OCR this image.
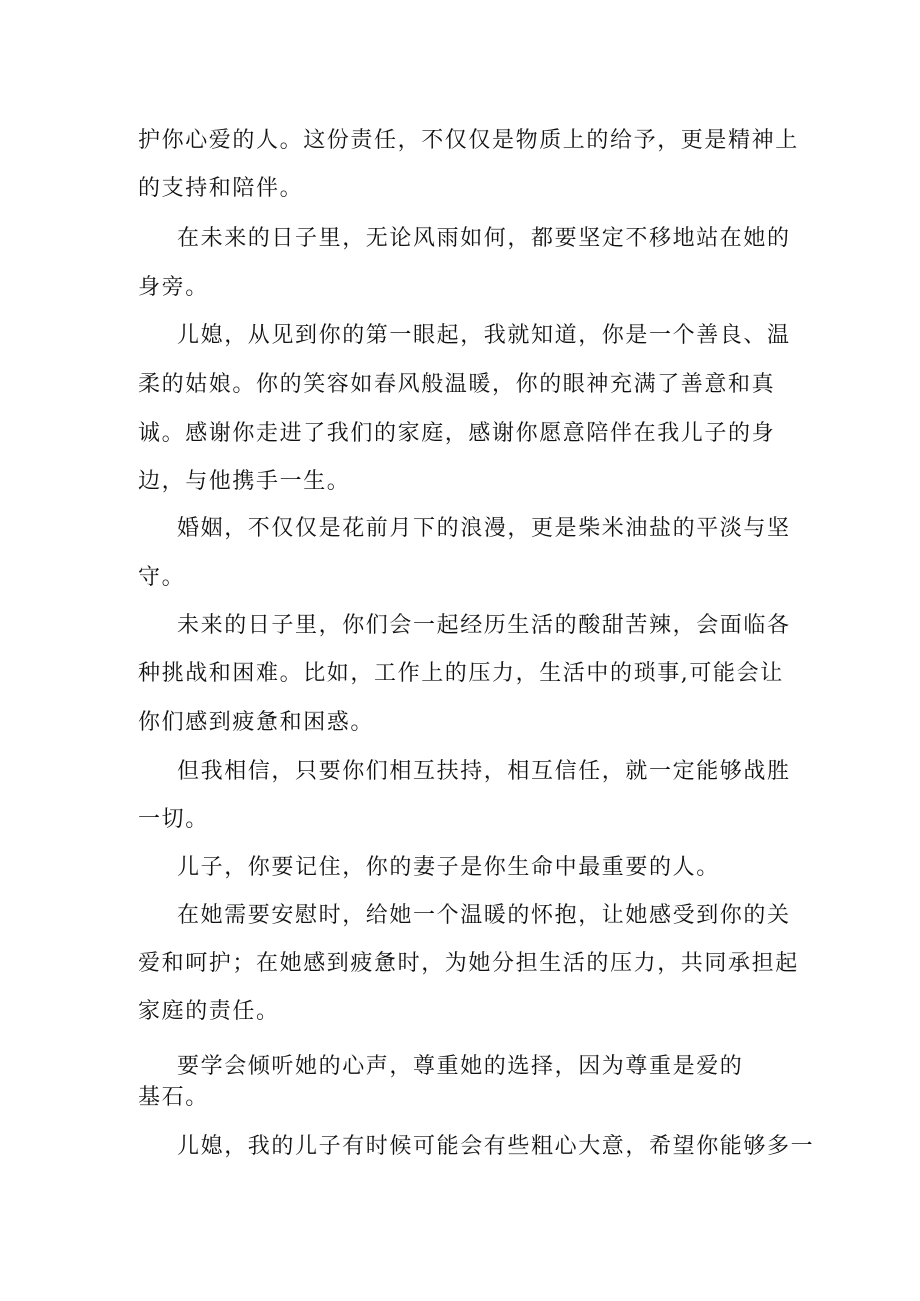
护你心爱的人。这份责任，不仅仅是物质上的给予，更是精神上
的支持和陪伴。
在未来的日子里，无论风雨如何，都要坚定不移地站在她的
身旁。
儿媳，从见到你的第一眼起，我就知道，你是一个善良、温
柔的姑娘。你的笑容如春风般温暖，你的眼神充满了善意和真
诚。感谢你走进了我们的家庭，感谢你愿意陪伴在我儿子的身
边，与他携手一生。
婚姻，不仅仅是花前月下的浪漫，更是柴米油盐的平淡与坚
守。
未来的日子里，你们会一起经历生活的酸甜苦辣，会面临各
种挑战和困难。比如，工作上的压力，生活中的琐事,可能会让
你们感到疲惫和困惑。
但我相信，只要你们相互扶持，相互信任，就一定能够战胜
一切。
儿子，你要记住，你的妻子是你生命中最重要的人。
在她需要安慰时，给她一个温暖的怀抱，让她感受到你的关
爱和呵护；在她感到疲惫时，为她分担生活的压力，共同承担起
家庭的责任。
要学会倾听她的心声，尊重她的选择，因为尊重是爱的
基石。
儿媳，我的儿子有时候可能会有些粗心大意，希望你能够多一
